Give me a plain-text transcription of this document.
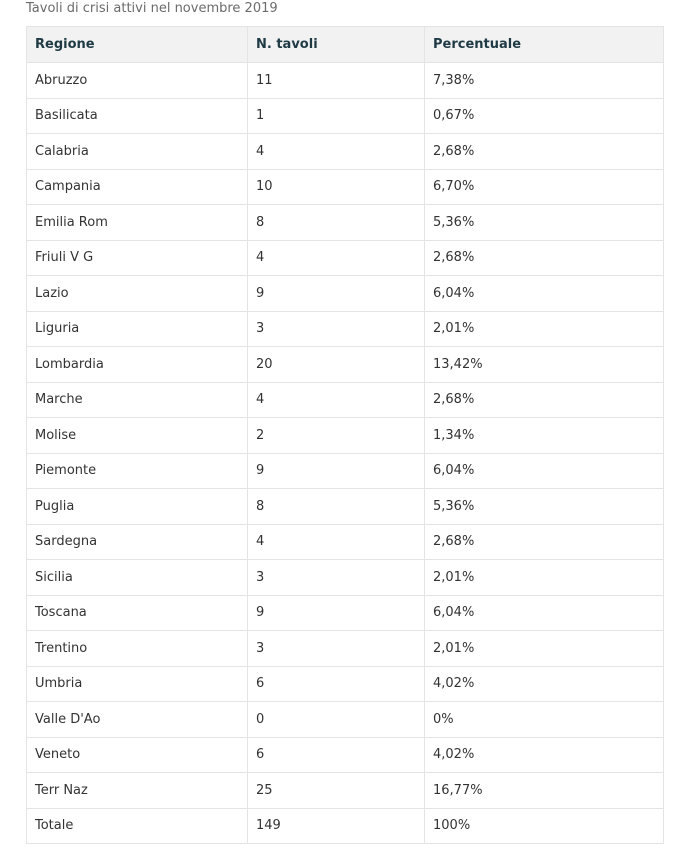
Tavoli di crisi attivi nel novembre 2019
Regione	N. tavoli	Percentuale
Abruzzo	11	7,38%
Basilicata	1	0,67%
Calabria	4	2,68%
Campania	10	6,70%
Emilia Rom	8	5,36%
Friuli V G	4	2,68%
Lazio	9	6,04%
Liguria	3	2,01%
Lombardia	20	13,42%
Marche	4	2,68%
Molise	2	1,34%
Piemonte	9	6,04%
Puglia	8	5,36%
Sardegna	4	2,68%
Sicilia	3	2,01%
Toscana	9	6,04%
Trentino	3	2,01%
Umbria	6	4,02%
Valle D'Ao	0	0%
Veneto	6	4,02%
Terr Naz	25	16,77%
Totale	149	100%
